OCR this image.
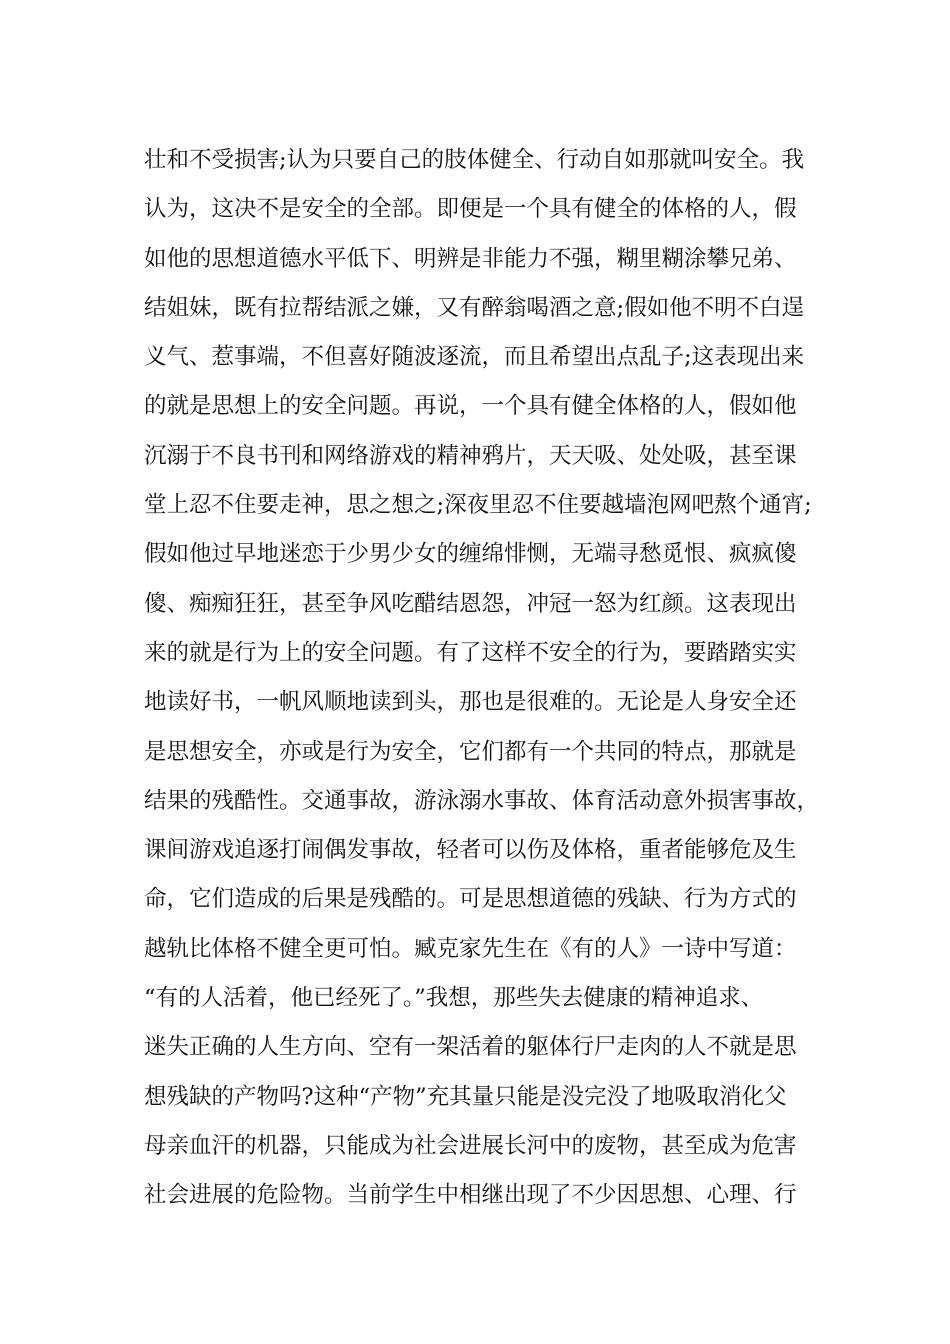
壮和不受损害;认为只要自己的肢体健全、行动自如那就叫安全。我
认为，这决不是安全的全部。即便是一个具有健全的体格的人，假
如他的思想道德水平低下、明辨是非能力不强，糊里糊涂攀兄弟、
结姐妹，既有拉帮结派之嫌，又有醉翁喝酒之意;假如他不明不白逞
义气、惹事端，不但喜好随波逐流，而且希望出点乱子;这表现出来
的就是思想上的安全问题。再说，一个具有健全体格的人，假如他
沉溺于不良书刊和网络游戏的精神鸦片，天天吸、处处吸，甚至课
堂上忍不住要走神，思之想之;深夜里忍不住要越墙泡网吧熬个通宵;
假如他过早地迷恋于少男少女的缠绵悱恻，无端寻愁觅恨、疯疯傻
傻、痴痴狂狂，甚至争风吃醋结恩怨，冲冠一怒为红颜。这表现出
来的就是行为上的安全问题。有了这样不安全的行为，要踏踏实实
地读好书，一帆风顺地读到头，那也是很难的。无论是人身安全还
是思想安全，亦或是行为安全，它们都有一个共同的特点，那就是
结果的残酷性。交通事故，游泳溺水事故、体育活动意外损害事故，
课间游戏追逐打闹偶发事故，轻者可以伤及体格，重者能够危及生
命，它们造成的后果是残酷的。可是思想道德的残缺、行为方式的
越轨比体格不健全更可怕。臧克家先生在《有的人》一诗中写道：
“有的人活着，他已经死了。”我想，那些失去健康的精神追求、
迷失正确的人生方向、空有一架活着的躯体行尸走肉的人不就是思
想残缺的产物吗?这种“产物”充其量只能是没完没了地吸取消化父
母亲血汗的机器，只能成为社会进展长河中的废物，甚至成为危害
社会进展的危险物。当前学生中相继出现了不少因思想、心理、行
